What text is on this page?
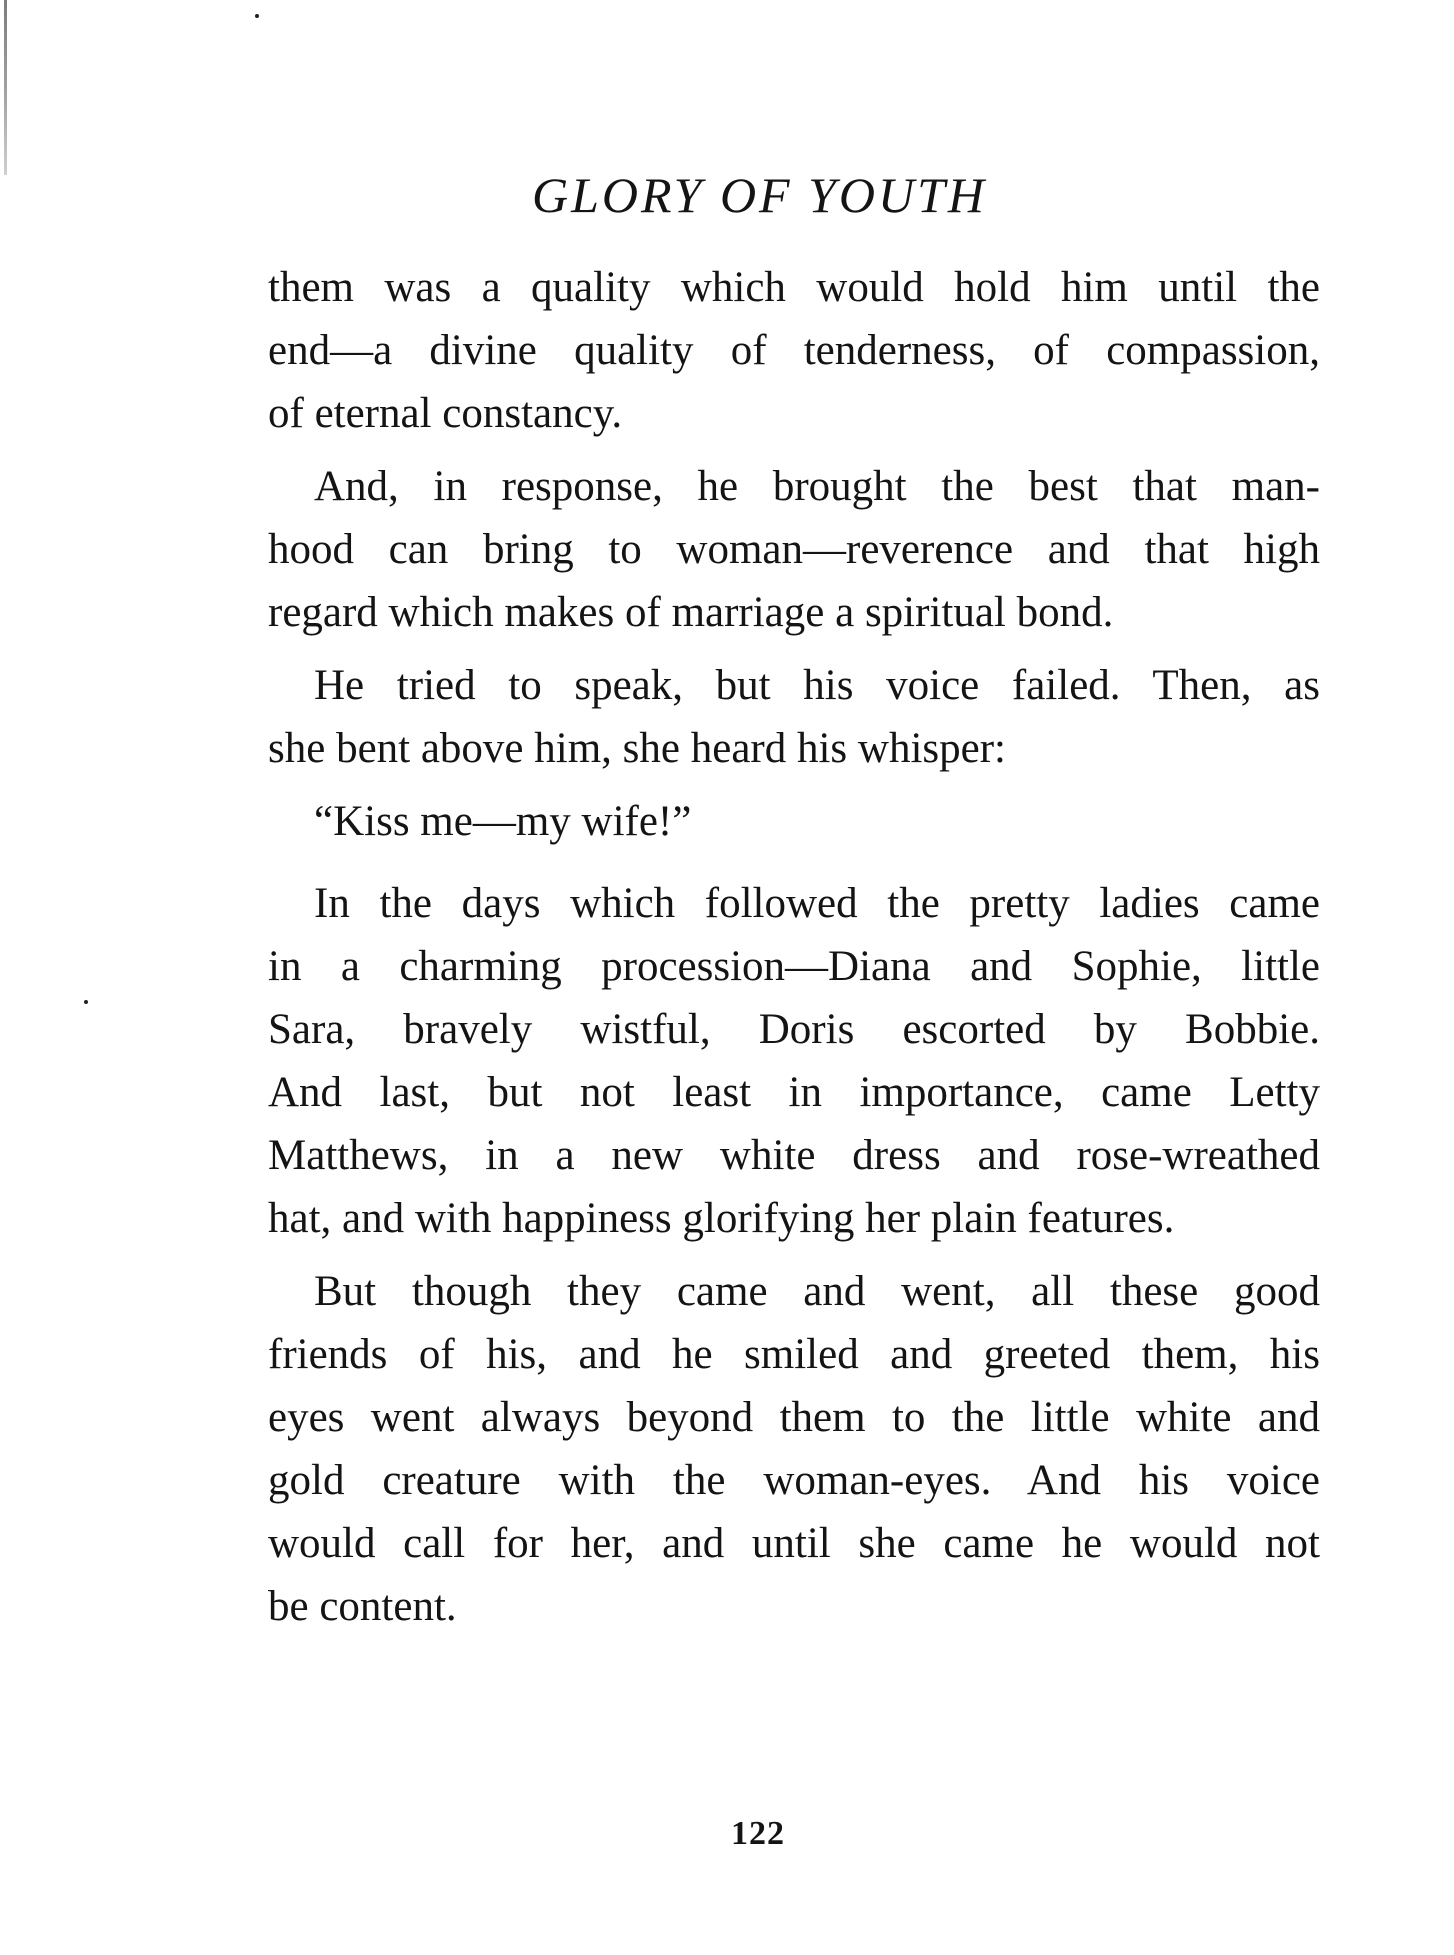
GLORY OF YOUTH
them was a quality which would hold him until the
end—a divine quality of tenderness, of compassion,
of eternal constancy.
And, in response, he brought the best that man-
hood can bring to woman—reverence and that high
regard which makes of marriage a spiritual bond.
He tried to speak, but his voice failed. Then, as
she bent above him, she heard his whisper:
“Kiss me—my wife!”
In the days which followed the pretty ladies came
in a charming procession—Diana and Sophie, little
Sara, bravely wistful, Doris escorted by Bobbie.
And last, but not least in importance, came Letty
Matthews, in a new white dress and rose-wreathed
hat, and with happiness glorifying her plain features.
But though they came and went, all these good
friends of his, and he smiled and greeted them, his
eyes went always beyond them to the little white and
gold creature with the woman-eyes. And his voice
would call for her, and until she came he would not
be content.
122
